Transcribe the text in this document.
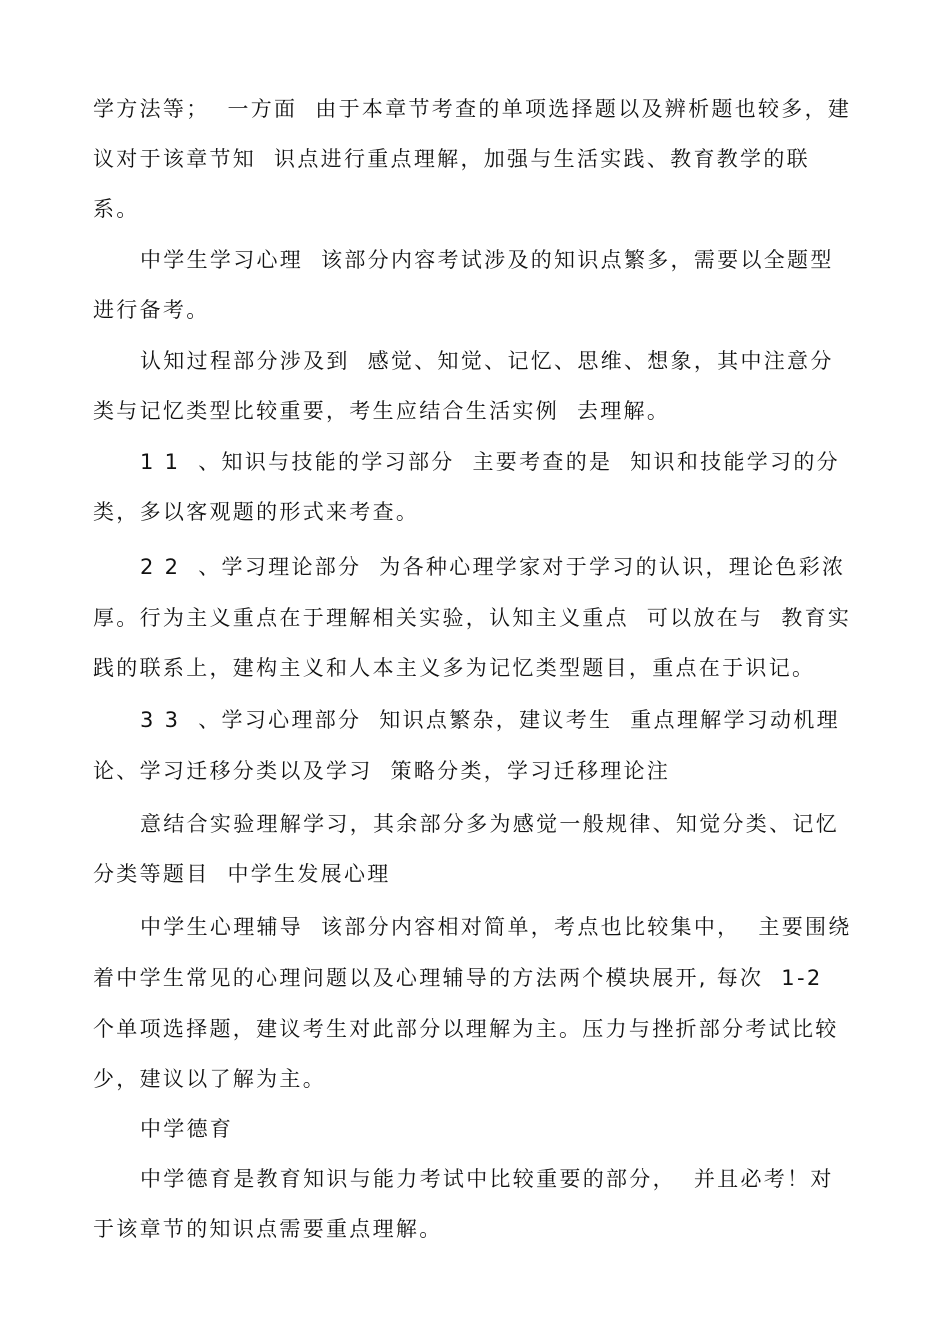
学方法等；  一方面  由于本章节考查的单项选择题以及辨析题也较多，建
议对于该章节知  识点进行重点理解，加强与生活实践、教育教学的联
系。
中学生学习心理  该部分内容考试涉及的知识点繁多，需要以全题型
进行备考。
认知过程部分涉及到  感觉、知觉、记忆、思维、想象，其中注意分
类与记忆类型比较重要，考生应结合生活实例  去理解。
1 1  、知识与技能的学习部分  主要考查的是  知识和技能学习的分
类，多以客观题的形式来考查。
2 2  、学习理论部分  为各种心理学家对于学习的认识，理论色彩浓
厚。行为主义重点在于理解相关实验，认知主义重点  可以放在与  教育实
践的联系上，建构主义和人本主义多为记忆类型题目，重点在于识记。
3 3  、学习心理部分  知识点繁杂，建议考生  重点理解学习动机理
论、学习迁移分类以及学习  策略分类，学习迁移理论注
意结合实验理解学习，其余部分多为感觉一般规律、知觉分类、记忆
分类等题目  中学生发展心理
中学生心理辅导  该部分内容相对简单，考点也比较集中，  主要围绕
着中学生常见的心理问题以及心理辅导的方法两个模块展开, 每次  1-2
个单项选择题，建议考生对此部分以理解为主。压力与挫折部分考试比较
少，建议以了解为主。
中学德育
中学德育是教育知识与能力考试中比较重要的部分，  并且必考！对
于该章节的知识点需要重点理解。
